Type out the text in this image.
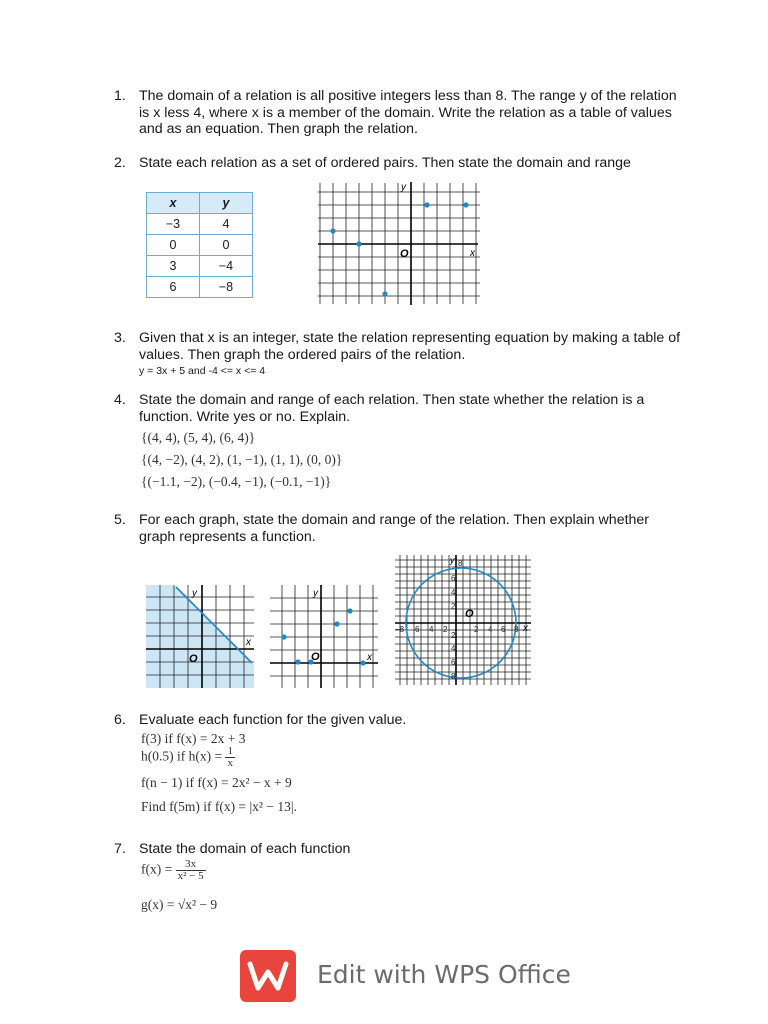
1. The domain of a relation is all positive integers less than 8. The range y of the relation is x less 4, where x is a member of the domain. Write the relation as a table of values and as an equation. Then graph the relation.
2. State each relation as a set of ordered pairs. Then state the domain and range
x	y
−3	4
0	0
3	−4
6	−8
O	x
y
3. Given that x is an integer, state the relation representing equation by making a table of values. Then graph the ordered pairs of the relation.
y = 3x + 5 and -4 <= x <= 4
4. State the domain and range of each relation. Then state whether the relation is a function. Write yes or no. Explain.
{(4, 4), (5, 4), (6, 4)}
{(4, −2), (4, 2), (1, −1), (1, 1), (0, 0)}
{(−1.1, −2), (−0.4, −1), (−0.1, −1)}
5. For each graph, state the domain and range of the relation. Then explain whether graph represents a function.
O
x
y
O	x
y
8
6
4
2
2
4
6
8
−8 6 4 2	2 4 6 8
O
x
y
6. Evaluate each function for the given value.
f(3) if f(x) = 2x + 3
h(0.5) if $h(x) = \frac{1}{x}$
f(n − 1) if f(x) = 2x² − x + 9
Find f(5m) if f(x) = |x² − 13|.
7. State the domain of each function
$f(x) = \frac{3x}{\text{x² − 5}}$
g(x) = √x² − 9
Edit with WPS Office
